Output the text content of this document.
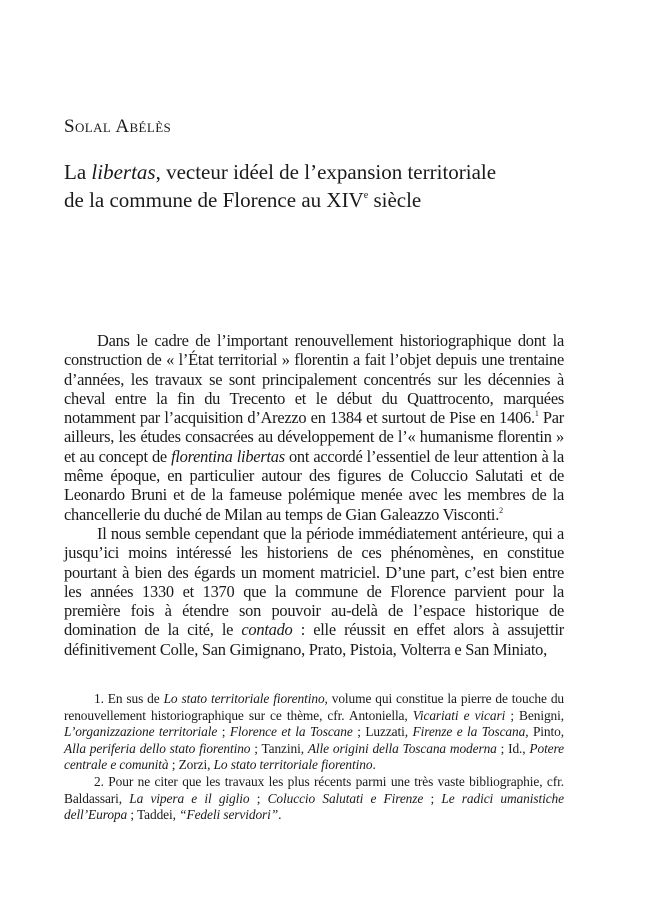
Solal Abélès
La libertas, vecteur idéel de l’expansion territoriale
de la commune de Florence au XIVe siècle

Dans le cadre de l’important renouvellement historiographique dont la construction de « l’État territorial » florentin a fait l’objet depuis une trentaine d’années, les travaux se sont principalement concentrés sur les décennies à cheval entre la fin du Trecento et le début du Quattrocento, marquées notamment par l’acquisition d’Arezzo en 1384 et surtout de Pise en 1406.$^1$ Par ailleurs, les études consacrées au développement de l’« humanisme florentin » et au concept de florentina libertas ont accordé l’essentiel de leur attention à la même époque, en particulier autour des figures de Coluccio Salutati et de Leonardo Bruni et de la fameuse polémique menée avec les membres de la chancellerie du duché de Milan au temps de Gian Galeazzo Visconti.$^2$

Il nous semble cependant que la période immédiatement antérieure, qui a jusqu’ici moins intéressé les historiens de ces phénomènes, en constitue pourtant à bien des égards un moment matriciel. D’une part, c’est bien entre les années 1330 et 1370 que la commune de Florence parvient pour la première fois à étendre son pouvoir au-delà de l’espace historique de domination de la cité, le contado : elle réussit en effet alors à assujettir définitivement Colle, San Gimignano, Prato, Pistoia, Volterra e San Miniato,

1. En sus de Lo stato territoriale fiorentino, volume qui constitue la pierre de touche du renouvellement historiographique sur ce thème, cfr. Antoniella, Vicariati e vicari ; Benigni, L’organizzazione territoriale ; Florence et la Toscane ; Luzzati, Firenze e la Toscana, Pinto, Alla periferia dello stato fiorentino ; Tanzini, Alle origini della Toscana moderna ; Id., Potere centrale e comunità ; Zorzi, Lo stato territoriale fiorentino.

2. Pour ne citer que les travaux les plus récents parmi une très vaste bibliographie, cfr. Baldassari, La vipera e il giglio ; Coluccio Salutati e Firenze ; Le radici umanistiche dell’Europa ; Taddei, “Fedeli servidori”.
